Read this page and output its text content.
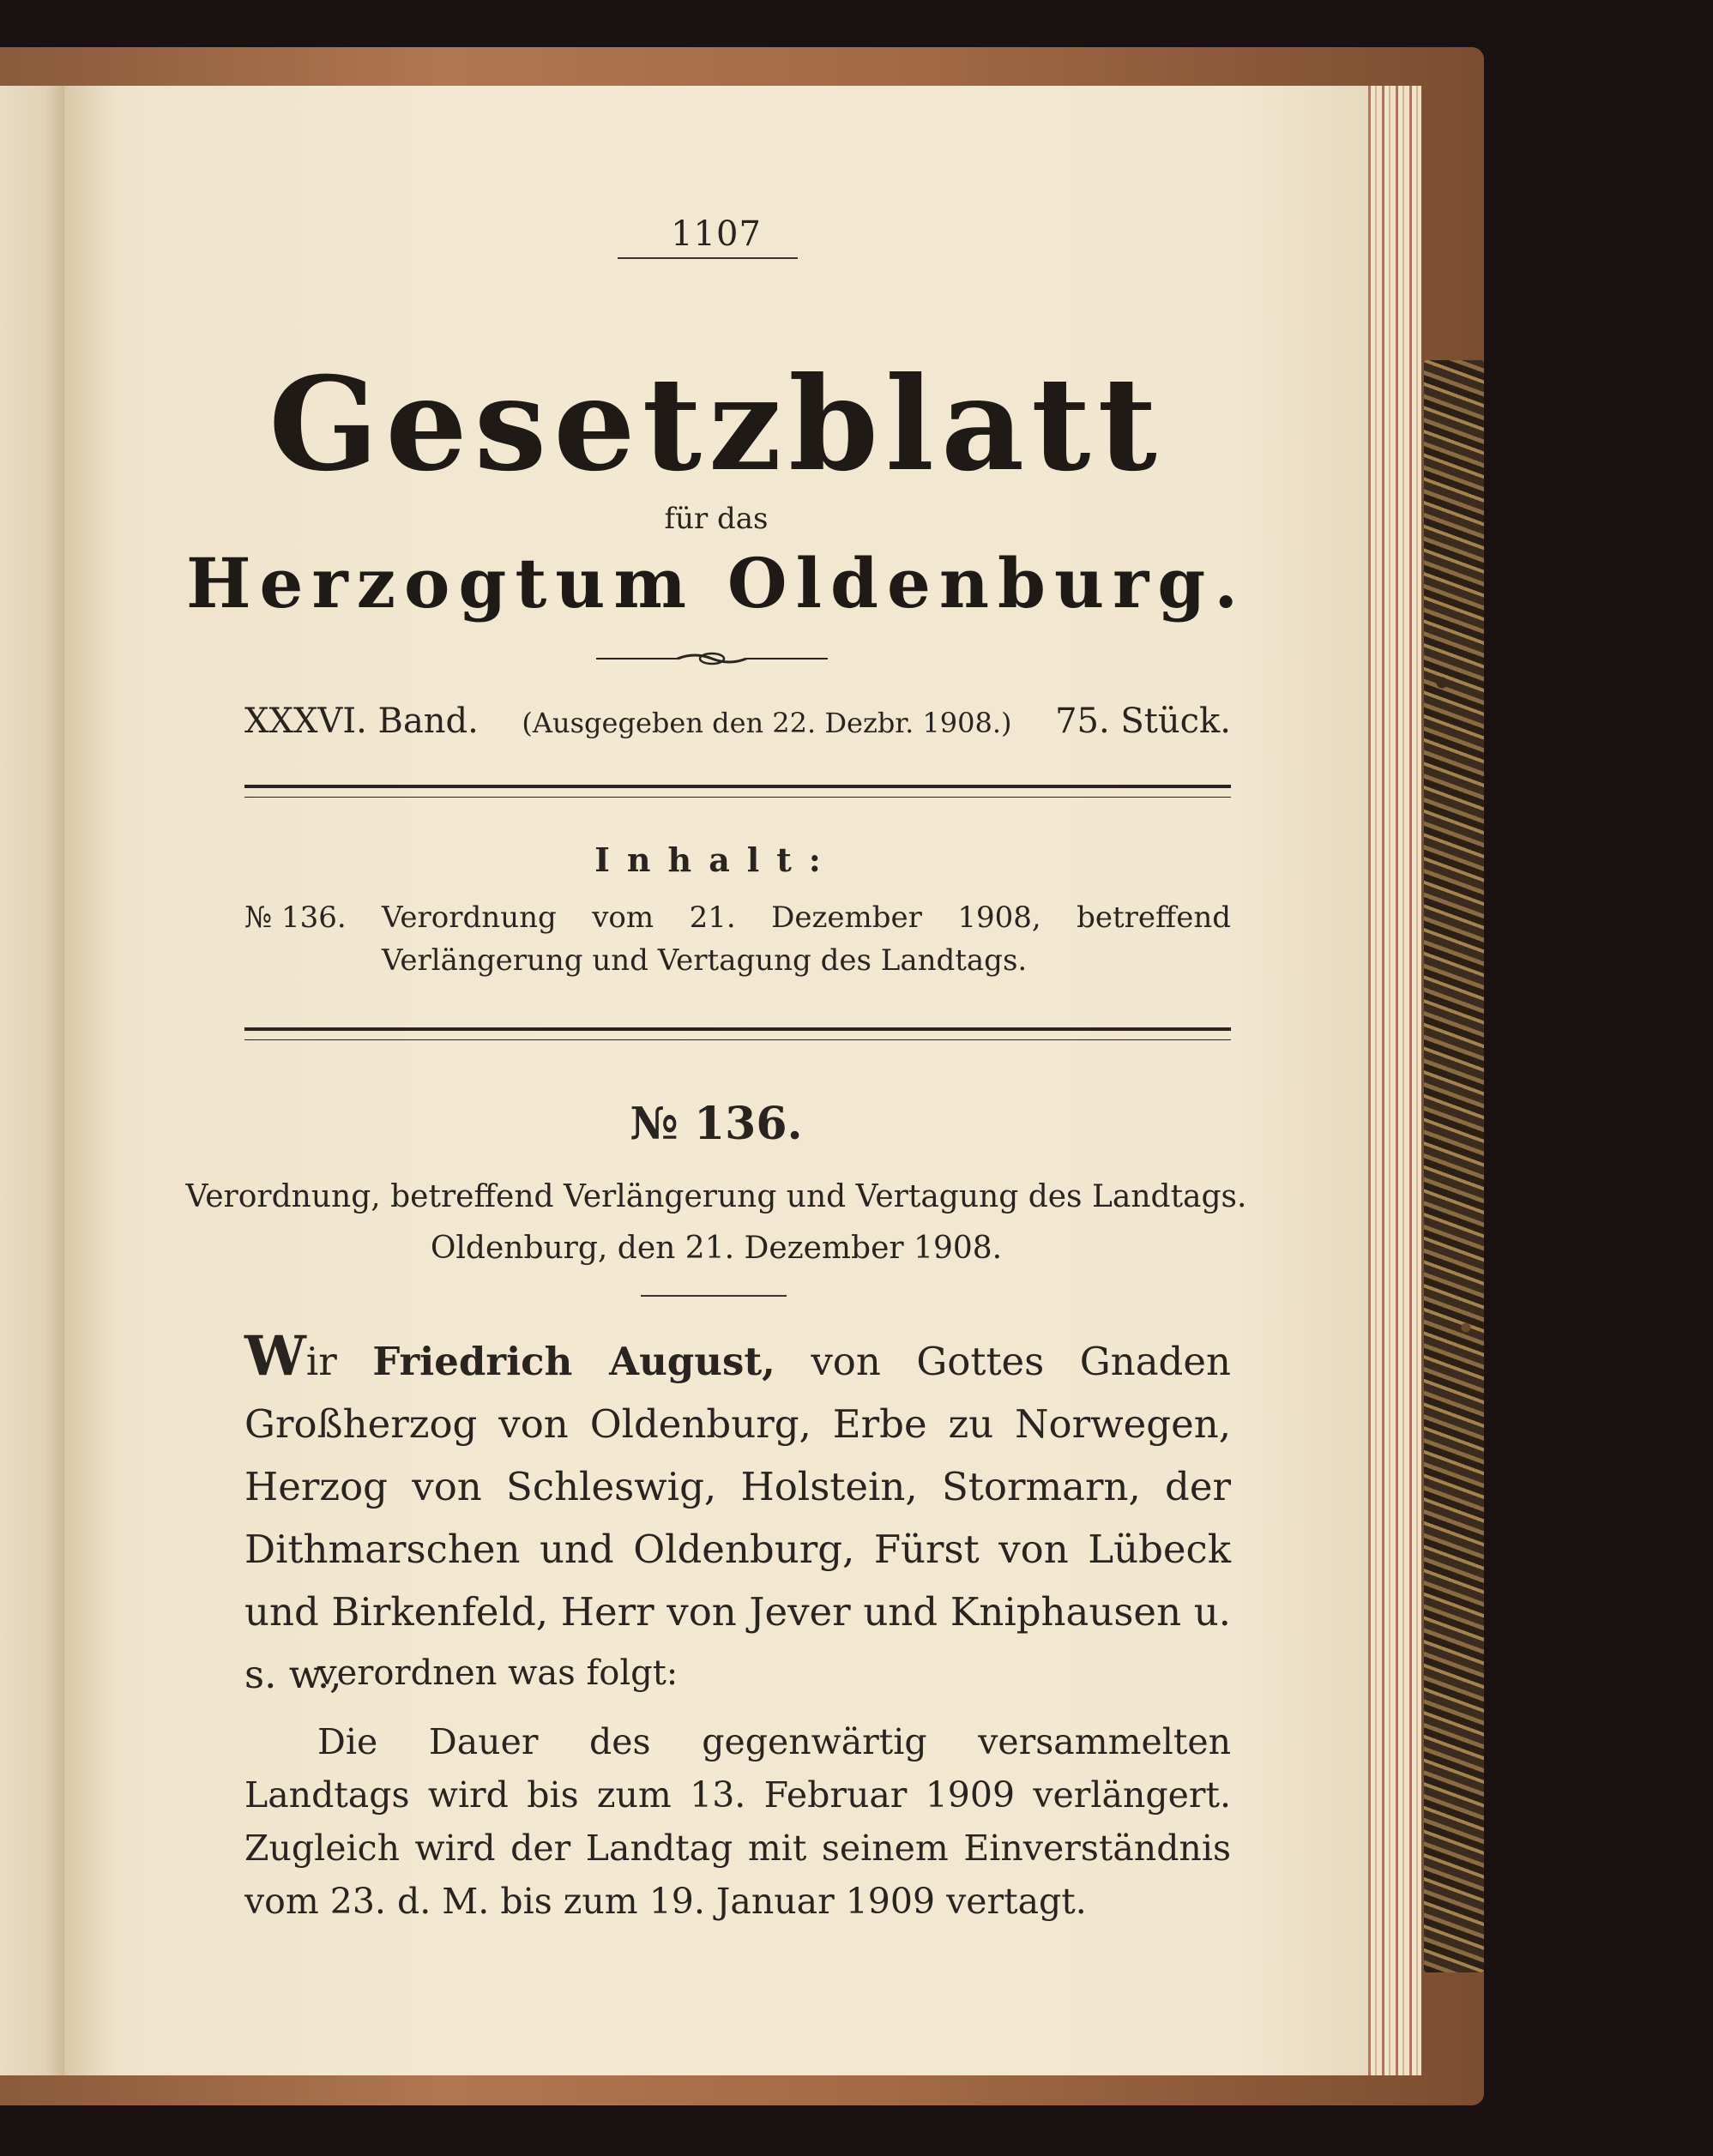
1107
Gesetzblatt
für das
Herzogtum Oldenburg.
XXXVI. Band. (Ausgegeben den 22. Dezbr. 1908.) 75. Stück.
Inhalt:
№ 136.	Verordnung vom 21. Dezember 1908, betreffend Verlängerung und Vertagung des Landtags.
№ 136.
Verordnung, betreffend Verlängerung und Vertagung des Landtags.
Oldenburg, den 21. Dezember 1908.
Wir Friedrich August, von Gottes Gnaden Großherzog von Oldenburg, Erbe zu Norwegen, Herzog von Schleswig, Holstein, Stormarn, der Dithmarschen und Oldenburg, Fürst von Lübeck und Birkenfeld, Herr von Jever und Kniphausen u. s. w.,
verordnen was folgt:
Die Dauer des gegenwärtig versammelten Landtags wird bis zum 13. Februar 1909 verlängert. Zugleich wird der Landtag mit seinem Einverständnis vom 23. d. M. bis zum 19. Januar 1909 vertagt.
